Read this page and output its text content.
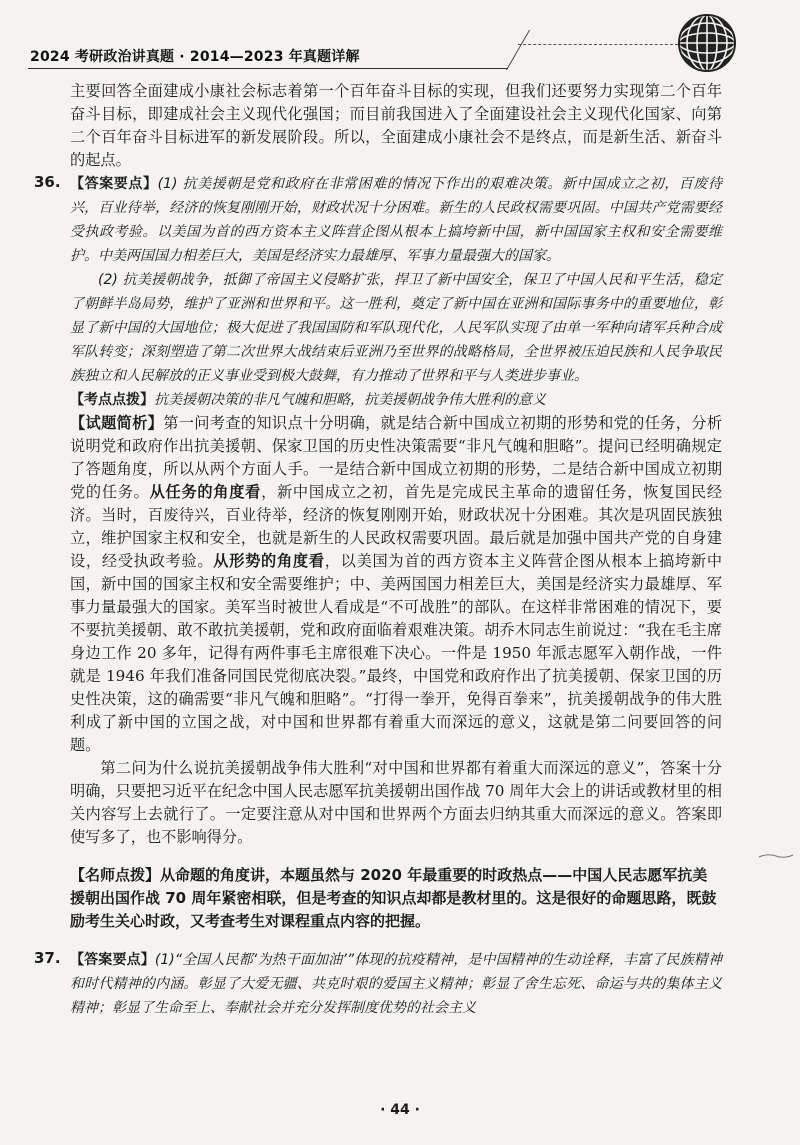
2024 考研政治讲真题 · 2014—2023 年真题详解

主要回答全面建成小康社会标志着第一个百年奋斗目标的实现，但我们还要努力实现第二个百年奋斗目标，即建成社会主义现代化强国；而目前我国进入了全面建设社会主义现代化国家、向第二个百年奋斗目标进军的新发展阶段。所以，全面建成小康社会不是终点，而是新生活、新奋斗的起点。

36. 【答案要点】(1) 抗美援朝是党和政府在非常困难的情况下作出的艰难决策。新中国成立之初，百废待兴，百业待举，经济的恢复刚刚开始，财政状况十分困难。新生的人民政权需要巩固。中国共产党需要经受执政考验。以美国为首的西方资本主义阵营企图从根本上搞垮新中国，新中国国家主权和安全需要维护。中美两国国力相差巨大，美国是经济实力最雄厚、军事力量最强大的国家。

(2) 抗美援朝战争，抵御了帝国主义侵略扩张，捍卫了新中国安全，保卫了中国人民和平生活，稳定了朝鲜半岛局势，维护了亚洲和世界和平。这一胜利，奠定了新中国在亚洲和国际事务中的重要地位，彰显了新中国的大国地位；极大促进了我国国防和军队现代化，人民军队实现了由单一军种向诸军兵种合成军队转变；深刻塑造了第二次世界大战结束后亚洲乃至世界的战略格局，全世界被压迫民族和人民争取民族独立和人民解放的正义事业受到极大鼓舞，有力推动了世界和平与人类进步事业。

【考点点拨】抗美援朝决策的非凡气魄和胆略，抗美援朝战争伟大胜利的意义

【试题简析】第一问考查的知识点十分明确，就是结合新中国成立初期的形势和党的任务，分析说明党和政府作出抗美援朝、保家卫国的历史性决策需要“非凡气魄和胆略”。提问已经明确规定了答题角度，所以从两个方面人手。一是结合新中国成立初期的形势，二是结合新中国成立初期党的任务。从任务的角度看，新中国成立之初，首先是完成民主革命的遗留任务，恢复国民经济。当时，百废待兴，百业待举，经济的恢复刚刚开始，财政状况十分困难。其次是巩固民族独立，维护国家主权和安全，也就是新生的人民政权需要巩固。最后就是加强中国共产党的自身建设，经受执政考验。从形势的角度看，以美国为首的西方资本主义阵营企图从根本上搞垮新中国，新中国的国家主权和安全需要维护；中、美两国国力相差巨大，美国是经济实力最雄厚、军事力量最强大的国家。美军当时被世人看成是“不可战胜”的部队。在这样非常困难的情况下，要不要抗美援朝、敢不敢抗美援朝，党和政府面临着艰难决策。胡乔木同志生前说过：“我在毛主席身边工作 20 多年，记得有两件事毛主席很难下决心。一件是 1950 年派志愿军入朝作战，一件就是 1946 年我们准备同国民党彻底决裂。”最终，中国党和政府作出了抗美援朝、保家卫国的历史性决策，这的确需要“非凡气魄和胆略”。“打得一拳开，免得百拳来”，抗美援朝战争的伟大胜利成了新中国的立国之战，对中国和世界都有着重大而深远的意义，这就是第二问要回答的问题。

第二问为什么说抗美援朝战争伟大胜利“对中国和世界都有着重大而深远的意义”，答案十分明确，只要把习近平在纪念中国人民志愿军抗美援朝出国作战 70 周年大会上的讲话或教材里的相关内容写上去就行了。一定要注意从对中国和世界两个方面去归纳其重大而深远的意义。答案即使写多了，也不影响得分。

【名师点拨】从命题的角度讲，本题虽然与 2020 年最重要的时政热点——中国人民志愿军抗美援朝出国作战 70 周年紧密相联，但是考查的知识点却都是教材里的。这是很好的命题思路，既鼓励考生关心时政，又考查考生对课程重点内容的把握。

37. 【答案要点】(1)“全国人民都‘为热干面加油’”体现的抗疫精神，是中国精神的生动诠释，丰富了民族精神和时代精神的内涵。彰显了大爱无疆、共克时艰的爱国主义精神；彰显了舍生忘死、命运与共的集体主义精神；彰显了生命至上、奉献社会并充分发挥制度优势的社会主义

· 44 ·
